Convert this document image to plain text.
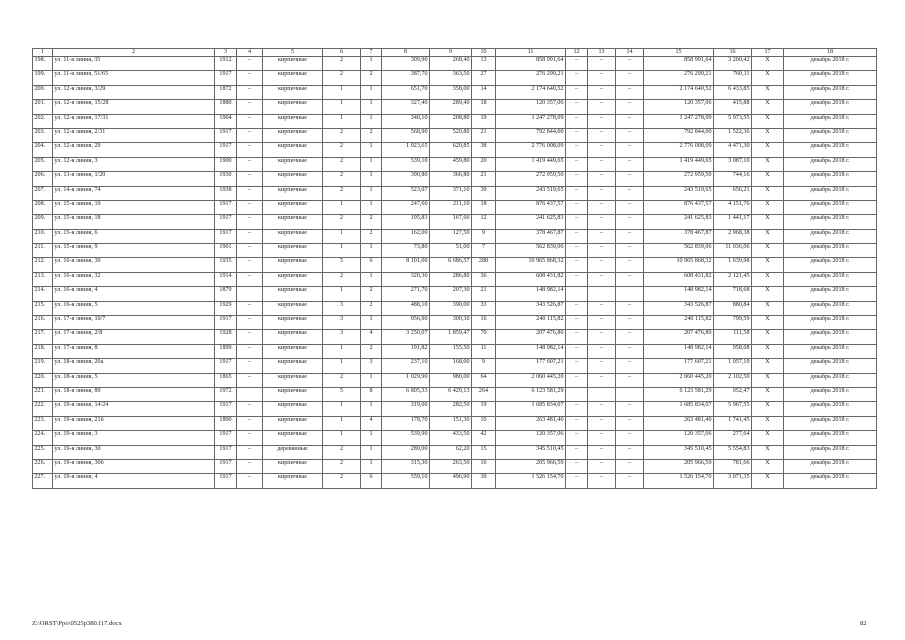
1	2	3	4	5	6	7	8	9	10	11	12	13	14	15	16	17	18
198.	ул. 11-я линия, 35	1912	–	кирпичные	2	1	309,90	268,40	13	858 991,64	–	–	–	858 991,64	3 200,42	X	декабрь 2018 г.
199.	ул. 11-я линия, 51/65	1917	–	кирпичные	2	2	387,70	363,50	27	276 299,21	–	–	–	276 299,21	760,11	X	декабрь 2018 г.
200.	ул. 12-я линия, 3/29	1872	–	кирпичные	1	1	651,70	358,00	14	2 174 640,52	–	–	–	2 174 640,52	6 433,85	X	декабрь 2018 г.
201.	ул. 12-я линия, 15/28	1880	–	кирпичные	1	1	327,40	289,40	18	120 357,06	–	–	–	120 357,06	415,88	X	декабрь 2018 г.
202.	ул. 12-я линия, 17/31	1904	–	кирпичные	1	1	340,10	208,80	19	1 247 278,09	–	–	–	1 247 278,09	5 973,55	X	декабрь 2018 г.
203.	ул. 12-я линия, 2/31	1917	–	кирпичные	2	2	568,90	520,80	21	792 844,00	–	–	–	792 844,00	1 522,36	X	декабрь 2018 г.
204.	ул. 12-я линия, 29	1917	–	кирпичные	2	1	1 023,65	620,85	38	2 776 008,09	–	–	–	2 776 008,09	4 471,30	X	декабрь 2018 г.
205.	ул. 12-я линия, 3	1900	–	кирпичные	2	1	539,10	459,80	20	1 419 449,65	–	–	–	1 419 449,65	3 087,10	X	декабрь 2018 г.
206.	ул. 13-я линия, 1/20	1930	–	кирпичные	2	1	390,80	366,80	21	272 959,50	–	–	–	272 959,50	744,16	X	декабрь 2018 г.
207.	ул. 14-я линия, 74	1938	–	кирпичные	2	1	523,07	371,10	30	243 519,65	–	–	–	243 519,65	656,21	X	декабрь 2018 г.
208.	ул. 15-я линия, 10	1917	–	кирпичные	1	1	247,60	211,10	18	876 437,57	–	–	–	876 437,57	4 151,76	X	декабрь 2018 г.
209.	ул. 15-я линия, 18	1917	–	кирпичные	2	2	195,83	167,66	12	241 625,83	–	–	–	241 625,83	1 441,17	X	декабрь 2018 г.
210.	ул. 15-я линия, 6	1917	–	кирпичные	1	2	162,00	127,50	9	378 467,87	–	–	–	378 467,87	2 968,38	X	декабрь 2018 г.
211.	ул. 15-я линия, 9	1901	–	кирпичные	1	1	73,80	51,00	7	562 839,06	–	–	–	562 839,06	11 036,06	X	декабрь 2018 г.
212.	ул. 16-я линия, 30	1935	–	кирпичные	5	6	8 101,00	6 686,57	288	10 965 868,32	–	–	–	10 965 868,32	1 639,98	X	декабрь 2018 г.
213.	ул. 16-я линия, 32	1914	–	кирпичные	2	1	320,30	286,80	36	608 431,82	–	–	–	608 431,82	2 121,45	X	декабрь 2018 г.
214.	ул. 16-я линия, 4	1879		кирпичные	1	2	271,70	207,30	21	148 982,14				148 982,14	718,68	X	декабрь 2018 г.
215.	ул. 16-я линия, 5	1929	–	кирпичные	3	2	488,10	390,00	33	343 526,87	–	–	–	343 526,87	880,84	X	декабрь 2018 г.
216.	ул. 17-я линия, 10/7	1917	–	кирпичные	3	1	956,90	300,30	16	240 115,82	–	–	–	240 115,82	799,59	X	декабрь 2018 г.
217.	ул. 17-я линия, 2/8	1928	–	кирпичные	3	4	3 250,07	1 859,47	70	207 476,80	–	–	–	207 476,80	111,58	X	декабрь 2018 г.
218.	ул. 17-я линия, 8	1899	–	кирпичные	1	2	191,82	155,50	11	148 982,14	–	–	–	148 982,14	958,08	X	декабрь 2018 г.
219.	ул. 18-я линия, 20а	1917	–	кирпичные	1	3	237,10	168,00	9	177 607,21	–	–	–	177 607,21	1 057,19	X	декабрь 2018 г.
220.	ул. 18-я линия, 5	1865	–	кирпичные	2	1	1 029,90	980,00	64	2 060 445,20	–	–	–	2 060 445,20	2 102,50	X	декабрь 2018 г.
221.	ул. 18-я линия, 89	1972		кирпичные	5	8	6 805,33	6 429,13	264	6 123 581,29				6 123 581,29	952,47	X	декабрь 2018 г.
222.	ул. 19-я линия, 14/24	1917	–	кирпичные	1	1	319,00	282,50	19	1 685 834,07	–	–	–	1 685 834,07	5 967,55	X	декабрь 2018 г.
223.	ул. 19-я линия, 21б	1890	–	кирпичные	1	4	178,70	151,30	10	263 481,40	–	–	–	263 481,40	1 741,45	X	декабрь 2018 г.
224.	ул. 19-я линия, 3	1917	–	кирпичные	1	1	539,90	433,50	42	120 357,06	–	–	–	120 357,06	277,64	X	декабрь 2018 г.
225.	ул. 19-я линия, 30	1917	–	деревянные	2	1	289,00	62,20	15	345 510,45	–	–	–	345 510,45	5 554,83	X	декабрь 2018 г.
226.	ул. 19-я линия, 30б	1917	–	кирпичные	2	1	315,30	263,50	10	205 966,59	–	–	–	205 966,59	781,66	X	декабрь 2018 г.
227.	ул. 19-я линия, 4	1917	–	кирпичные	2	6	559,10	496,90	30	1 526 154,70	–	–	–	1 526 154,70	3 071,35	X	декабрь 2018 г.
Z:\ORST\Ppo\0525p380.f17.docx	82
